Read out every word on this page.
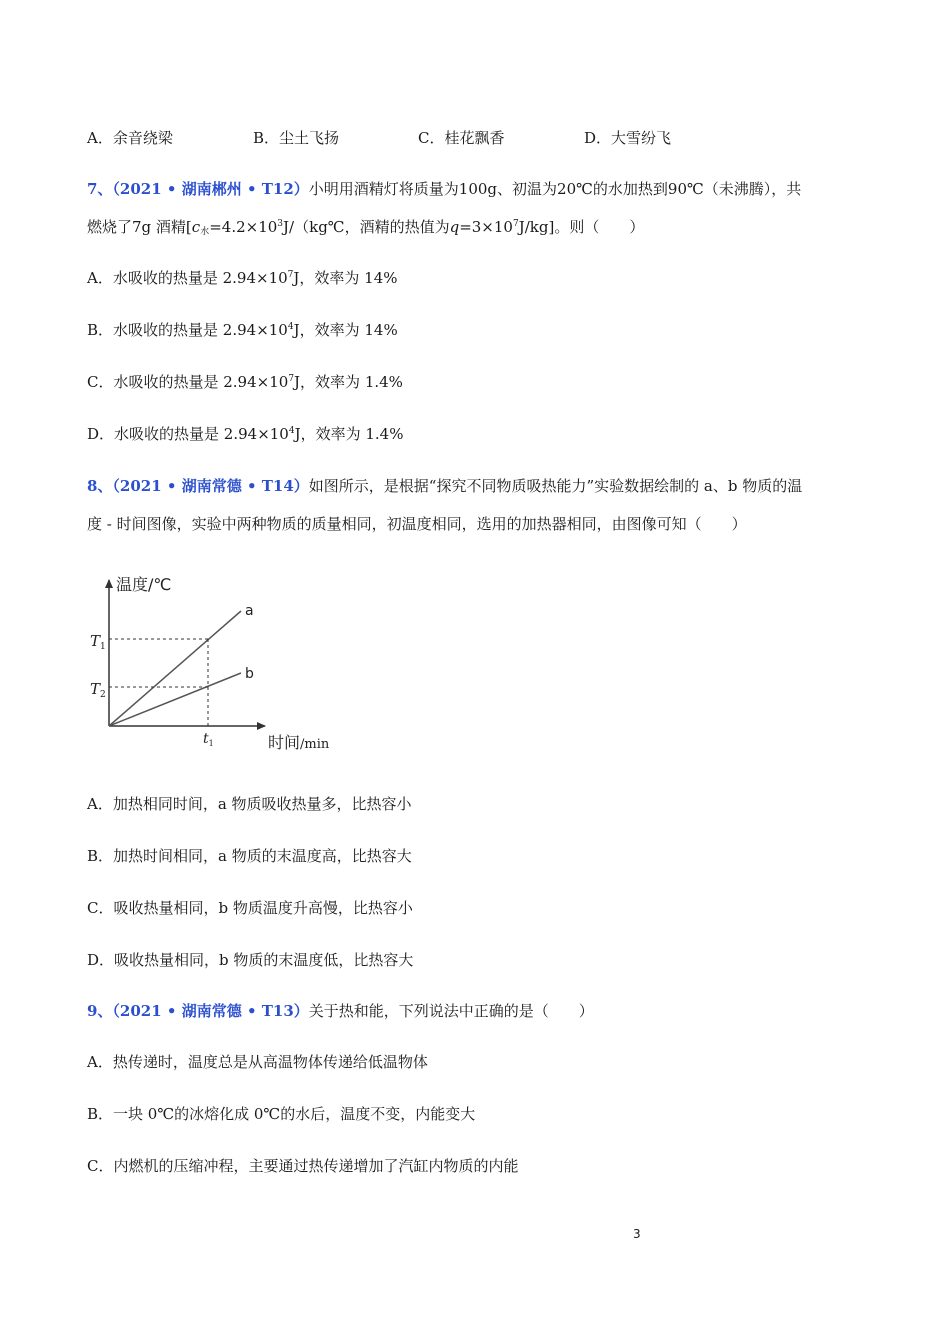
A．余音绕梁	B．尘土飞扬	C．桂花飘香	D．大雪纷飞
7、（2021 • 湖南郴州 • T12）小明用酒精灯将质量为100g、初温为20℃的水加热到90℃（未沸腾），共
燃烧了7g 酒精[$c_水=4.2\times 10^3J/(kg℃$，酒精的热值为$q=3\times 10^7J/kg$]。则（　　）
A．水吸收的热量是 $2.94\times 10^7J$，效率为 14%
B．水吸收的热量是 $2.94\times 10^4J$，效率为 14%
C．水吸收的热量是 $2.94\times 10^7J$，效率为 1.4%
D．水吸收的热量是 $2.94\times 10^4J$，效率为 1.4%
8、（2021 • 湖南常德 • T14）如图所示，是根据“探究不同物质吸热能力”实验数据绘制的 a、b 物质的温
度 - 时间图像，实验中两种物质的质量相同，初温度相同，选用的加热器相同，由图像可知（　　）
温度/℃
a
b
$T_1$
$T_2$
$t_1$	时间/min
A．加热相同时间，a 物质吸收热量多，比热容小
B．加热时间相同，a 物质的末温度高，比热容大
C．吸收热量相同，b 物质温度升高慢，比热容小
D．吸收热量相同，b 物质的末温度低，比热容大
9、（2021 • 湖南常德 • T13）关于热和能，下列说法中正确的是（　　）
A．热传递时，温度总是从高温物体传递给低温物体
B．一块 0℃的冰熔化成 0℃的水后，温度不变，内能变大
C．内燃机的压缩冲程，主要通过热传递增加了汽缸内物质的内能
3
